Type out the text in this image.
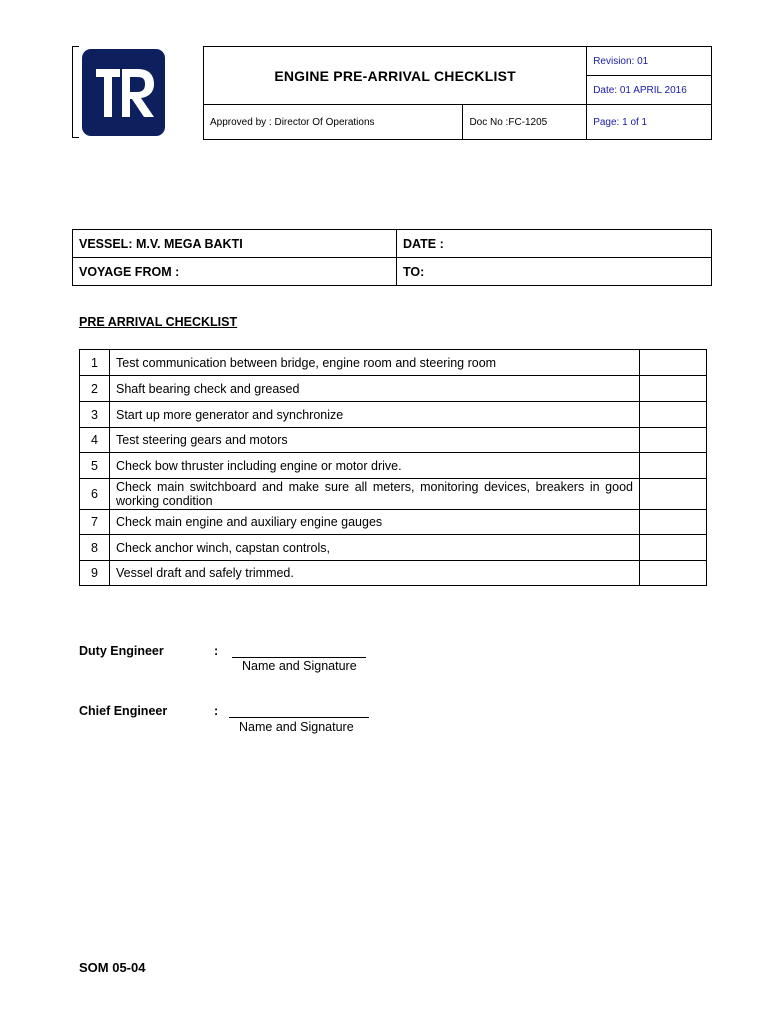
ENGINE PRE-ARRIVAL CHECKLIST		Revision: 01
		Date: 01 APRIL 2016
Approved by : Director Of Operations	Doc No :FC-1205	Page: 1 of 1
VESSEL: M.V. MEGA BAKTI	DATE :
VOYAGE FROM :	TO:
PRE ARRIVAL CHECKLIST
1	Test communication between bridge, engine room and steering room	
2	Shaft bearing check and greased	
3	Start up more generator and synchronize	
4	Test steering gears and motors	
5	Check bow thruster including engine or motor drive.	
6	Check main switchboard and make sure all meters, monitoring devices, breakers in good working condition	
7	Check main engine and auxiliary engine gauges	
8	Check anchor winch, capstan controls,	
9	Vessel draft and safely trimmed.	
Duty Engineer	:
Name and Signature
Chief Engineer	:
Name and Signature
SOM 05-04
